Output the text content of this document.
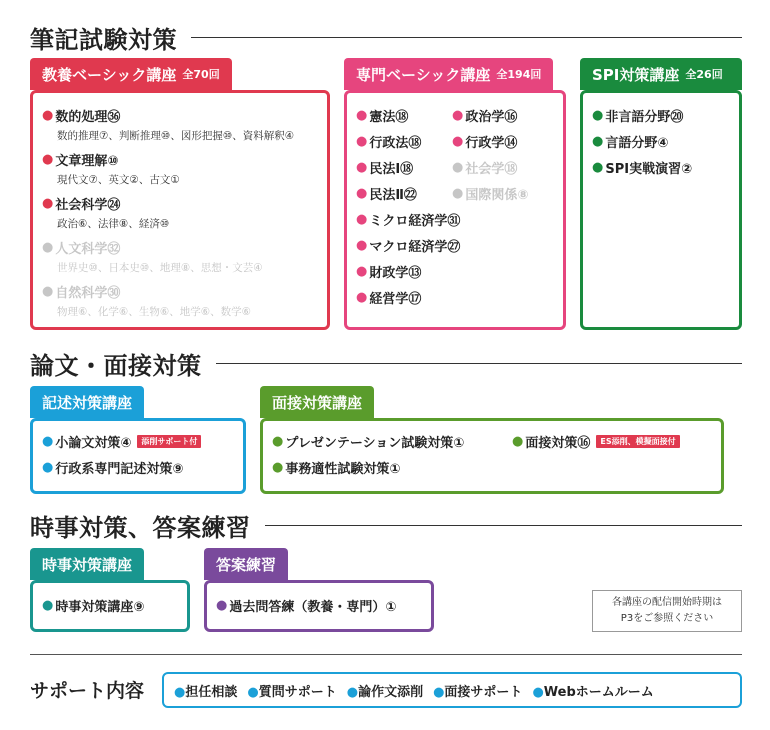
筆記試験対策
教養ベーシック講座 全70回
● 数的処理㊱
数的推理⑦、判断推理⑩、図形把握⑩、資料解釈④
● 文章理解⑩
現代文⑦、英文②、古文①
● 社会科学㉔
政治⑥、法律⑧、経済⑩
● 人文科学㉜
世界史⑩、日本史⑩、地理⑧、思想・文芸④
● 自然科学㉚
物理⑥、化学⑥、生物⑥、地学⑥、数学⑥
専門ベーシック講座 全194回
● 憲法⑱
● 行政法⑱
● 民法Ⅰ⑱
● 民法Ⅱ㉒
● ミクロ経済学㉛
● マクロ経済学㉗
● 財政学⑬
● 経営学⑰
● 政治学⑯
● 行政学⑭
● 社会学⑱
● 国際関係⑧
SPI対策講座 全26回
● 非言語分野⑳
● 言語分野④
● SPI実戦演習②
論文・面接対策
記述対策講座
● 小論文対策④	添削サポート付
● 行政系専門記述対策⑨
面接対策講座
● プレゼンテーション試験対策①	● 面接対策⑯	ES添削、模擬面接付
● 事務適性試験対策①
時事対策、答案練習
時事対策講座
● 時事対策講座⑨
答案練習
● 過去問答練（教養・専門）①	各講座の配信開始時期は
P3をご参照ください
サポート内容 ●担任相談 ●質問サポート ●論作文添削 ●面接サポート ●Webホームルーム
